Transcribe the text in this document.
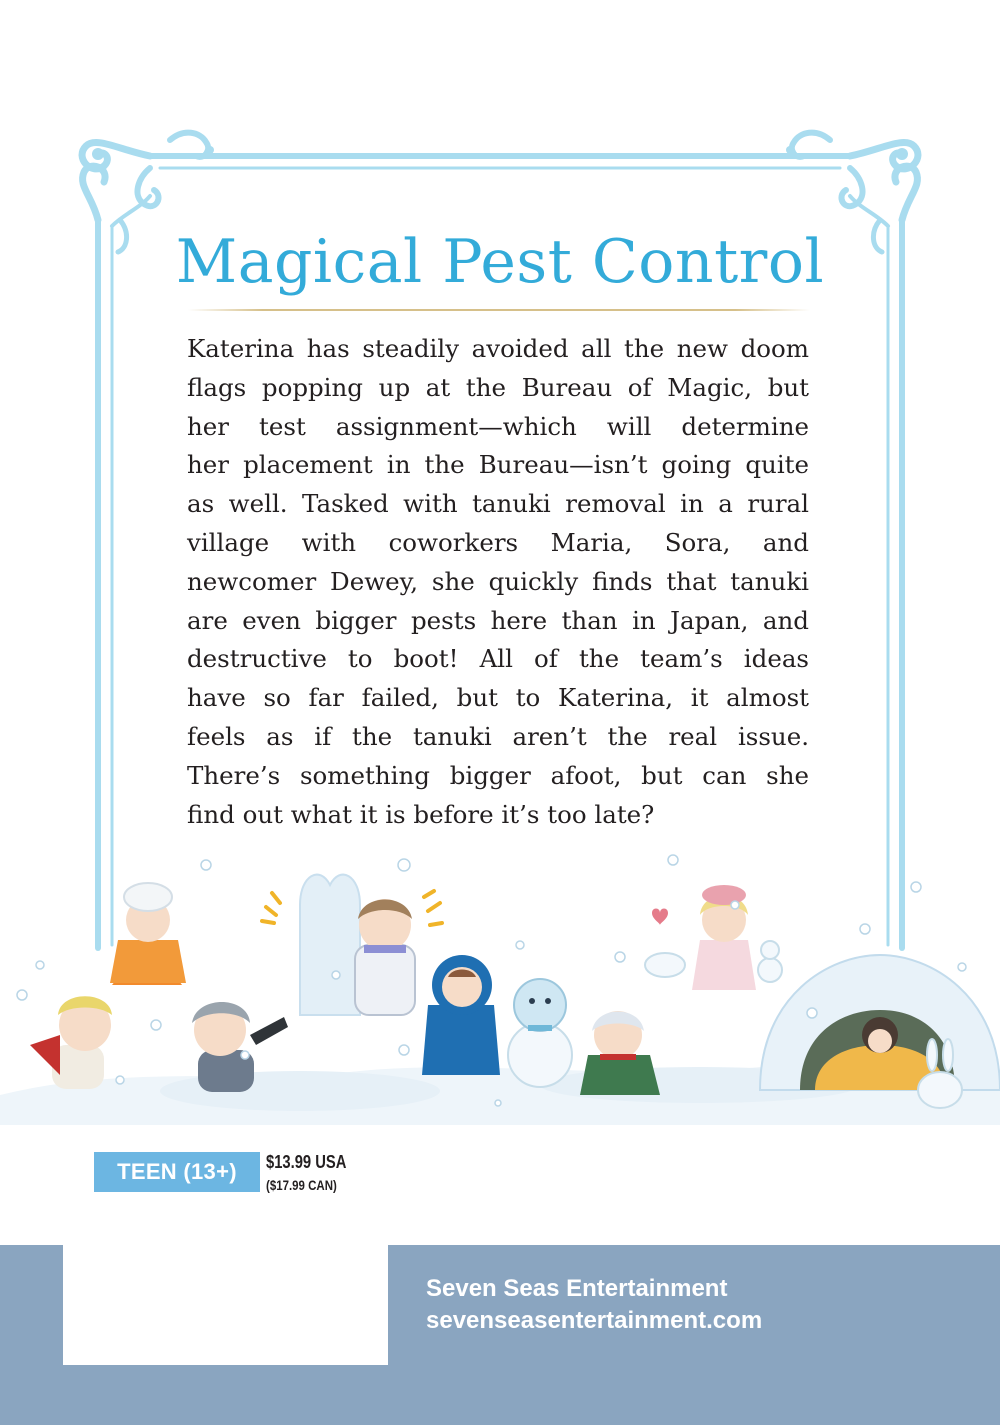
Magical Pest Control
Katerina has steadily avoided all the new doom
flags popping up at the Bureau of Magic, but
her test assignment—which will determine
her placement in the Bureau—isn’t going quite
as well. Tasked with tanuki removal in a rural
village with coworkers Maria, Sora, and
newcomer Dewey, she quickly finds that tanuki
are even bigger pests here than in Japan, and
destructive to boot! All of the team’s ideas
have so far failed, but to Katerina, it almost
feels as if the tanuki aren’t the real issue.
There’s something bigger afoot, but can she
find out what it is before it’s too late?
TEEN (13+)	$13.99 USA
($17.99 CAN)
Seven Seas Entertainment
sevenseasentertainment.com
